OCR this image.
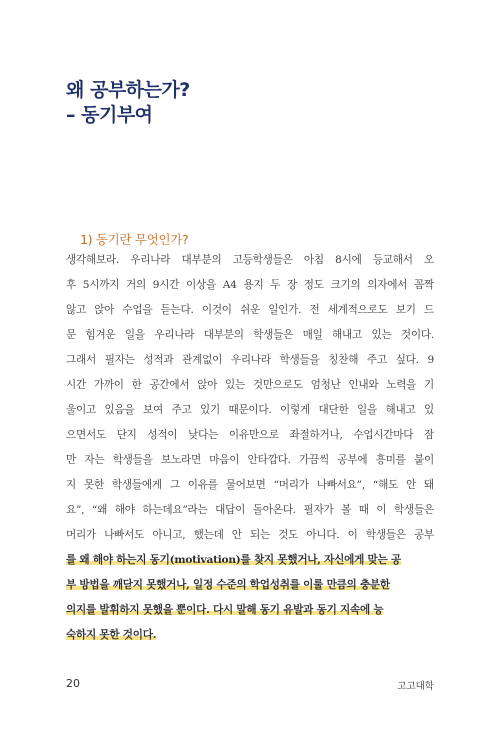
왜 공부하는가?
– 동기부여
1) 동기란 무엇인가?
생각해보라. 우리나라 대부분의 고등학생들은 아침 8시에 등교해서 오
후 5시까지 거의 9시간 이상을 A4 용지 두 장 정도 크기의 의자에서 꼼짝
않고 앉아 수업을 듣는다. 이것이 쉬운 일인가. 전 세계적으로도 보기 드
문 힘겨운 일을 우리나라 대부분의 학생들은 매일 해내고 있는 것이다.
그래서 필자는 성적과 관계없이 우리나라 학생들을 칭찬해 주고 싶다. 9
시간 가까이 한 공간에서 앉아 있는 것만으로도 엄청난 인내와 노력을 기
울이고 있음을 보여 주고 있기 때문이다. 이렇게 대단한 일을 해내고 있
으면서도 단지 성적이 낮다는 이유만으로 좌절하거나, 수업시간마다 잠
만 자는 학생들을 보노라면 마음이 안타깝다. 가끔씩 공부에 흥미를 붙이
지 못한 학생들에게 그 이유를 물어보면 “머리가 나빠서요”, “해도 안 돼
요”, “왜 해야 하는데요”라는 대답이 돌아온다. 필자가 볼 때 이 학생들은
머리가 나빠서도 아니고, 했는데 안 되는 것도 아니다. 이 학생들은 공부
를 왜 해야 하는지 동기(motivation)를 찾지 못했거나, 자신에게 맞는 공
부 방법을 깨닫지 못했거나, 일정 수준의 학업성취를 이룰 만큼의 충분한
의지를 발휘하지 못했을 뿐이다. 다시 말해 동기 유발과 동기 지속에 능
숙하지 못한 것이다.
20	고고대학
